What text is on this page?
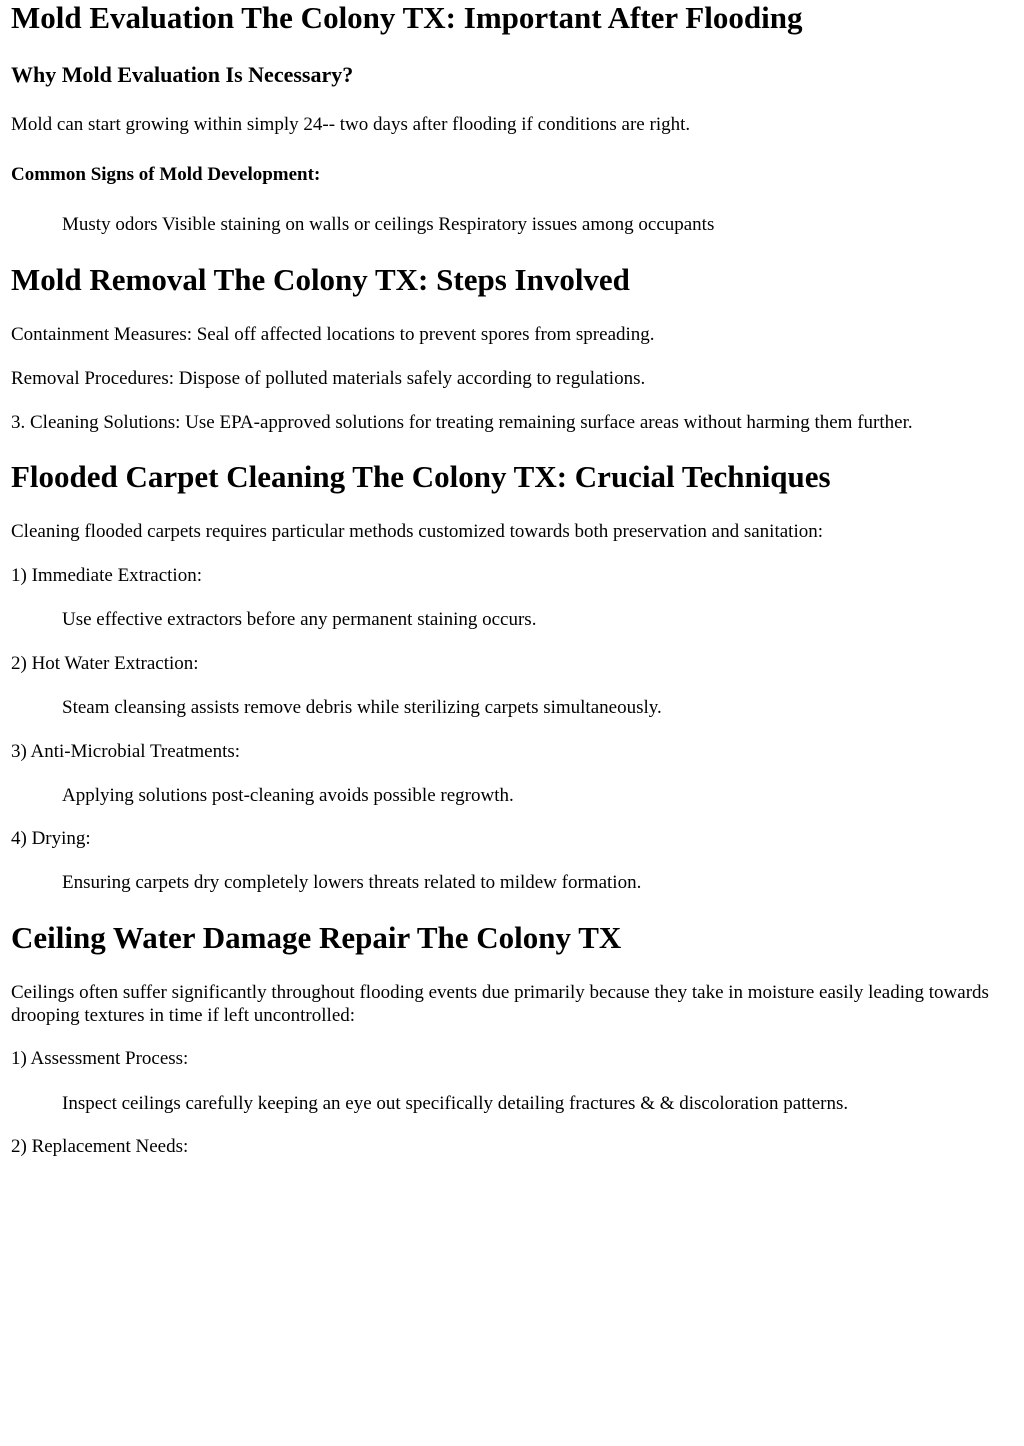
Mold Evaluation The Colony TX: Important After Flooding
Why Mold Evaluation Is Necessary?

Mold can start growing within simply 24-- two days after flooding if conditions are right.

Common Signs of Mold Development:

Musty odors Visible staining on walls or ceilings Respiratory issues among occupants

Mold Removal The Colony TX: Steps Involved

Containment Measures: Seal off affected locations to prevent spores from spreading.

Removal Procedures: Dispose of polluted materials safely according to regulations.

3. Cleaning Solutions: Use EPA-approved solutions for treating remaining surface areas without harming them further.

Flooded Carpet Cleaning The Colony TX: Crucial Techniques

Cleaning flooded carpets requires particular methods customized towards both preservation and sanitation:

1) Immediate Extraction:

Use effective extractors before any permanent staining occurs.

2) Hot Water Extraction:

Steam cleansing assists remove debris while sterilizing carpets simultaneously.

3) Anti-Microbial Treatments:

Applying solutions post-cleaning avoids possible regrowth.

4) Drying:

Ensuring carpets dry completely lowers threats related to mildew formation.

Ceiling Water Damage Repair The Colony TX

Ceilings often suffer significantly throughout flooding events due primarily because they take in moisture easily leading towards drooping textures in time if left uncontrolled:

1) Assessment Process:

Inspect ceilings carefully keeping an eye out specifically detailing fractures & & discoloration patterns.

2) Replacement Needs:
